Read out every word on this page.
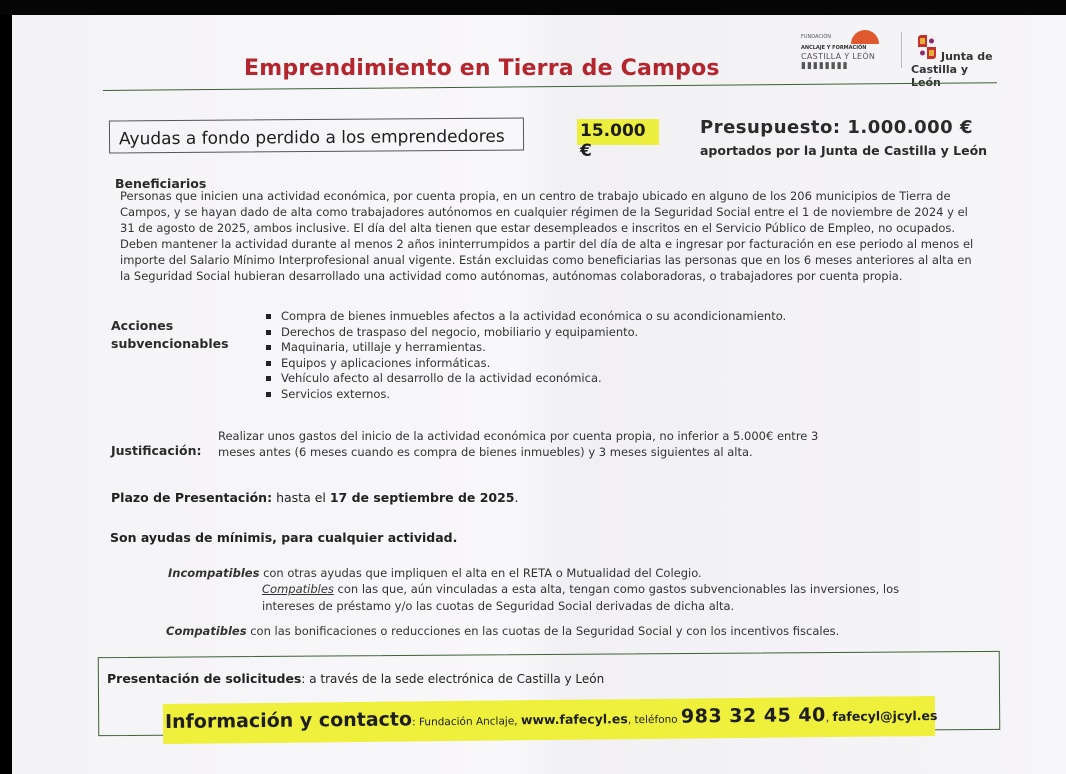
Emprendimiento en Tierra de Campos
FUNDACIÓN
ANCLAJE Y FORMACIÓN
CASTILLA Y LEÓN
▮▮▮▮▮▮▮▮
Junta de
Castilla y León
Ayudas a fondo perdido a los emprendedores	15.000 €
Presupuesto: 1.000.000 €
aportados por la Junta de Castilla y León
Beneficiarios
Personas que inicien una actividad económica, por cuenta propia, en un centro de trabajo ubicado en alguno de los 206 municipios de Tierra de
Campos, y se hayan dado de alta como trabajadores autónomos en cualquier régimen de la Seguridad Social entre el 1 de noviembre de 2024 y el
31 de agosto de 2025, ambos inclusive. El día del alta tienen que estar desempleados e inscritos en el Servicio Público de Empleo, no ocupados.
Deben mantener la actividad durante al menos 2 años ininterrumpidos a partir del día de alta e ingresar por facturación en ese periodo al menos el
importe del Salario Mínimo Interprofesional anual vigente. Están excluidas como beneficiarias las personas que en los 6 meses anteriores al alta en
la Seguridad Social hubieran desarrollado una actividad como autónomas, autónomas colaboradoras, o trabajadores por cuenta propia.
Acciones
subvencionables
Compra de bienes inmuebles afectos a la actividad económica o su acondicionamiento.
Derechos de traspaso del negocio, mobiliario y equipamiento.
Maquinaria, utillaje y herramientas.
Equipos y aplicaciones informáticas.
Vehículo afecto al desarrollo de la actividad económica.
Servicios externos.
Justificación:
Realizar unos gastos del inicio de la actividad económica por cuenta propia, no inferior a 5.000€ entre 3
meses antes (6 meses cuando es compra de bienes inmuebles) y 3 meses siguientes al alta.
Plazo de Presentación: hasta el 17 de septiembre de 2025.
Son ayudas de mínimis, para cualquier actividad.
Incompatibles con otras ayudas que impliquen el alta en el RETA o Mutualidad del Colegio.
Compatibles con las que, aún vinculadas a esta alta, tengan como gastos subvencionables las inversiones, los
intereses de préstamo y/o las cuotas de Seguridad Social derivadas de dicha alta.
Compatibles con las bonificaciones o reducciones en las cuotas de la Seguridad Social y con los incentivos fiscales.
Presentación de solicitudes: a través de la sede electrónica de Castilla y León
Información y contacto: Fundación Anclaje, www.fafecyl.es, teléfono 983 32 45 40, fafecyl@jcyl.es
